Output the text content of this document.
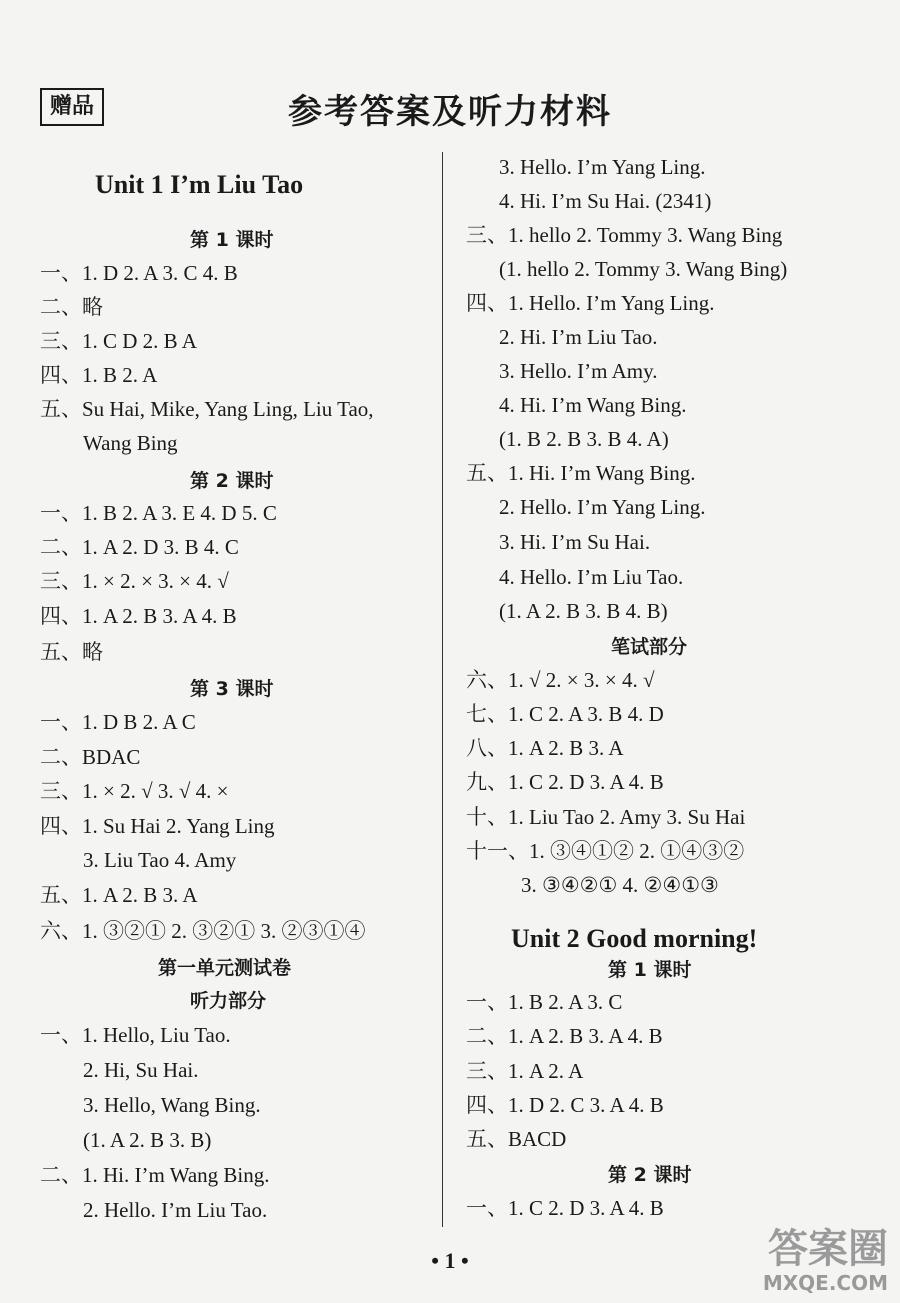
赠品	参考答案及听力材料
Unit 1 I’m Liu Tao
第 1 课时
一、1. D 2. A 3. C 4. B
二、略
三、1. C D 2. B A
四、1. B 2. A
五、Su Hai, Mike, Yang Ling, Liu Tao,
Wang Bing
第 2 课时
一、1. B 2. A 3. E 4. D 5. C
二、1. A 2. D 3. B 4. C
三、1. × 2. × 3. × 4. √
四、1. A 2. B 3. A 4. B
五、略
第 3 课时
一、1. D B 2. A C
二、BDAC
三、1. × 2. √ 3. √ 4. ×
四、1. Su Hai 2. Yang Ling
3. Liu Tao 4. Amy
五、1. A 2. B 3. A
六、1. ③②① 2. ③②① 3. ②③①④
第一单元测试卷
听力部分
一、1. Hello, Liu Tao.
2. Hi, Su Hai.
3. Hello, Wang Bing.
(1. A 2. B 3. B)
二、1. Hi. I’m Wang Bing.
2. Hello. I’m Liu Tao.
3. Hello. I’m Yang Ling.
4. Hi. I’m Su Hai. (2341)
三、1. hello 2. Tommy 3. Wang Bing
(1. hello 2. Tommy 3. Wang Bing)
四、1. Hello. I’m Yang Ling.
2. Hi. I’m Liu Tao.
3. Hello. I’m Amy.
4. Hi. I’m Wang Bing.
(1. B 2. B 3. B 4. A)
五、1. Hi. I’m Wang Bing.
2. Hello. I’m Yang Ling.
3. Hi. I’m Su Hai.
4. Hello. I’m Liu Tao.
(1. A 2. B 3. B 4. B)
笔试部分
六、1. √ 2. × 3. × 4. √
七、1. C 2. A 3. B 4. D
八、1. A 2. B 3. A
九、1. C 2. D 3. A 4. B
十、1. Liu Tao 2. Amy 3. Su Hai
十一、1. ③④①② 2. ①④③②
3. ③④②① 4. ②④①③
Unit 2 Good morning!
第 1 课时
一、1. B 2. A 3. C
二、1. A 2. B 3. A 4. B
三、1. A 2. A
四、1. D 2. C 3. A 4. B
五、BACD
第 2 课时
一、1. C 2. D 3. A 4. B
• 1 •	答案圈
MXQE.COM
